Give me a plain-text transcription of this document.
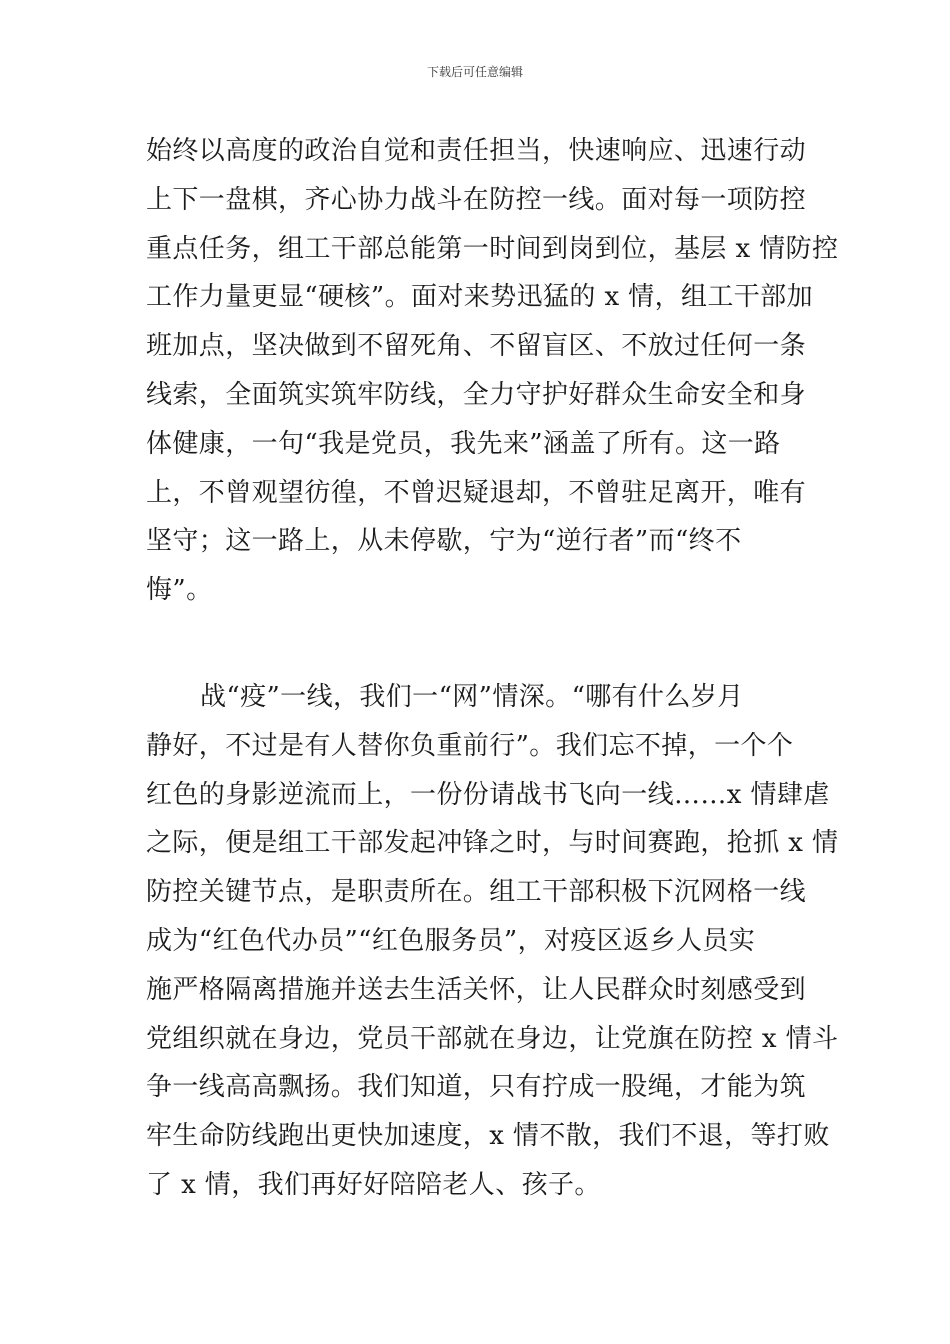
下载后可任意编辑
始终以高度的政治自觉和责任担当，快速响应、迅速行动
上下一盘棋，齐心协力战斗在防控一线。面对每一项防控
重点任务，组工干部总能第一时间到岗到位，基层 x 情防控
工作力量更显“硬核”。面对来势迅猛的 x 情，组工干部加
班加点，坚决做到不留死角、不留盲区、不放过任何一条
线索，全面筑实筑牢防线，全力守护好群众生命安全和身
体健康，一句“我是党员，我先来”涵盖了所有。这一路
上，不曾观望彷徨，不曾迟疑退却，不曾驻足离开，唯有
坚守；这一路上，从未停歇，宁为“逆行者”而“终不
悔”。
战“疫”一线，我们一“网”情深。“哪有什么岁月
静好，不过是有人替你负重前行”。我们忘不掉，一个个
红色的身影逆流而上，一份份请战书飞向一线……x 情肆虐
之际，便是组工干部发起冲锋之时，与时间赛跑，抢抓 x 情
防控关键节点，是职责所在。组工干部积极下沉网格一线
成为“红色代办员”“红色服务员”，对疫区返乡人员实
施严格隔离措施并送去生活关怀，让人民群众时刻感受到
党组织就在身边，党员干部就在身边，让党旗在防控 x 情斗
争一线高高飘扬。我们知道，只有拧成一股绳，才能为筑
牢生命防线跑出更快加速度，x 情不散，我们不退，等打败
了 x 情，我们再好好陪陪老人、孩子。
